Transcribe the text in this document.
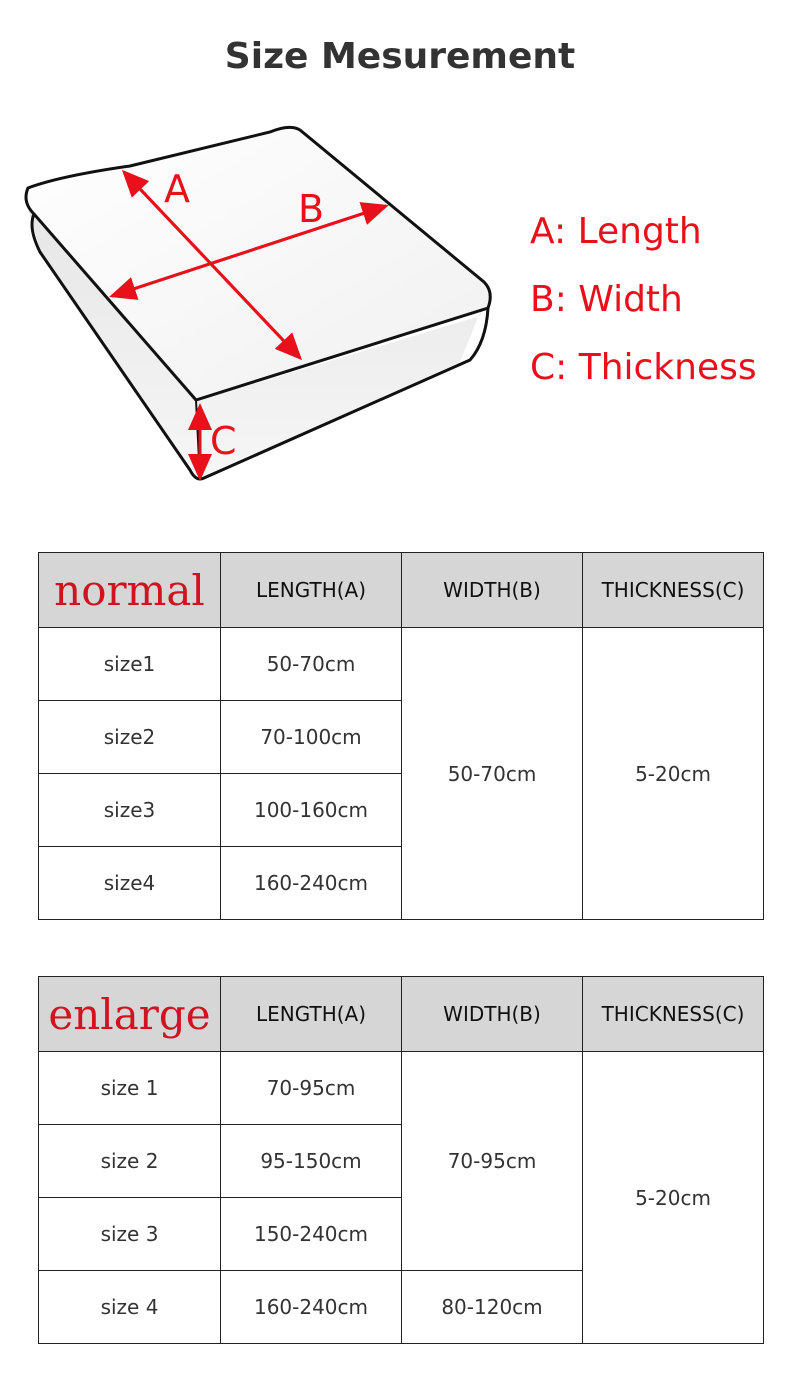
Size Mesurement
A	B
C
A: Length
B: Width
C: Thickness
normal	LENGTH(A)	WIDTH(B)	THICKNESS(C)
size1	50-70cm	50-70cm	5-20cm
size2	70-100cm		
size3	100-160cm		
size4	160-240cm		
enlarge	LENGTH(A)	WIDTH(B)	THICKNESS(C)
size 1	70-95cm	70-95cm	5-20cm
size 2	95-150cm		
size 3	150-240cm		
size 4	160-240cm	80-120cm	
